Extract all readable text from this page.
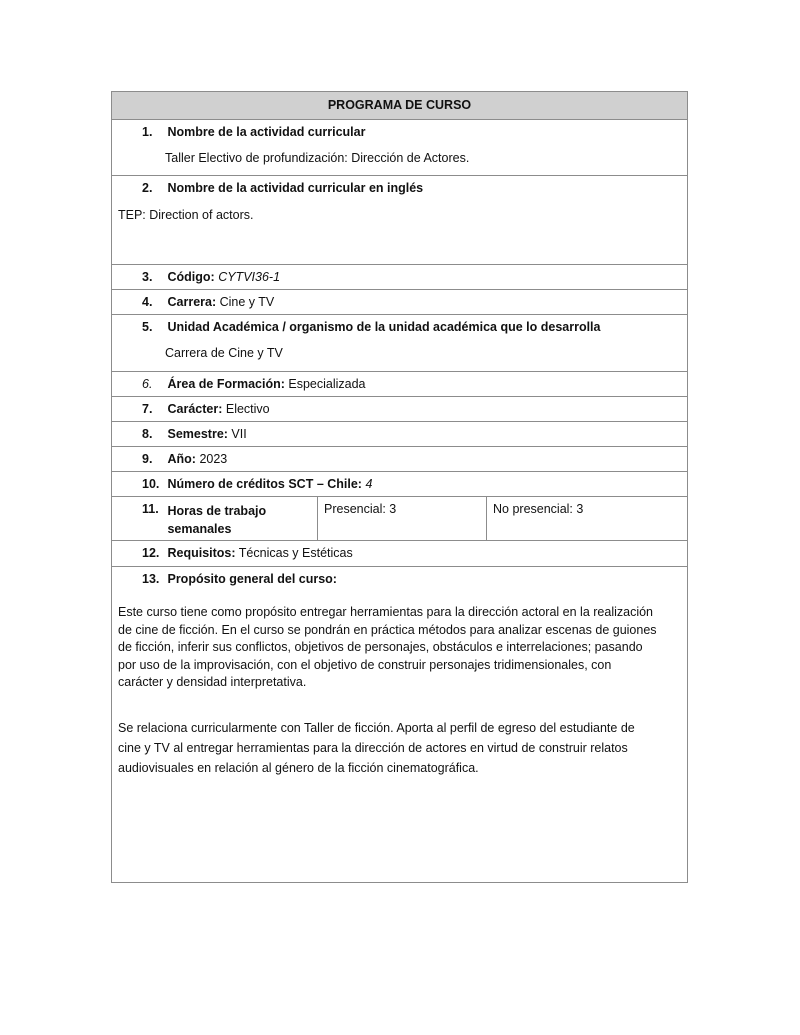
PROGRAMA DE CURSO
1. Nombre de la actividad curricular
Taller Electivo de profundización: Dirección de Actores.
2. Nombre de la actividad curricular en inglés
TEP: Direction of actors.
3. Código: CYTVI36-1
4. Carrera: Cine y TV
5. Unidad Académica / organismo de la unidad académica que lo desarrolla
Carrera de Cine y TV
6. Área de Formación: Especializada
7. Carácter: Electivo
8. Semestre: VII
9. Año: 2023
10. Número de créditos SCT – Chile: 4
11. Horas de trabajo
semanales
Presencial: 3	No presencial: 3
12. Requisitos: Técnicas y Estéticas
13. Propósito general del curso:
Este curso tiene como propósito entregar herramientas para la dirección actoral en la realización
de cine de ficción. En el curso se pondrán en práctica métodos para analizar escenas de guiones
de ficción, inferir sus conflictos, objetivos de personajes, obstáculos e interrelaciones; pasando
por uso de la improvisación, con el objetivo de construir personajes tridimensionales, con
carácter y densidad interpretativa.
Se relaciona curricularmente con Taller de ficción. Aporta al perfil de egreso del estudiante de
cine y TV al entregar herramientas para la dirección de actores en virtud de construir relatos
audiovisuales en relación al género de la ficción cinematográfica.
